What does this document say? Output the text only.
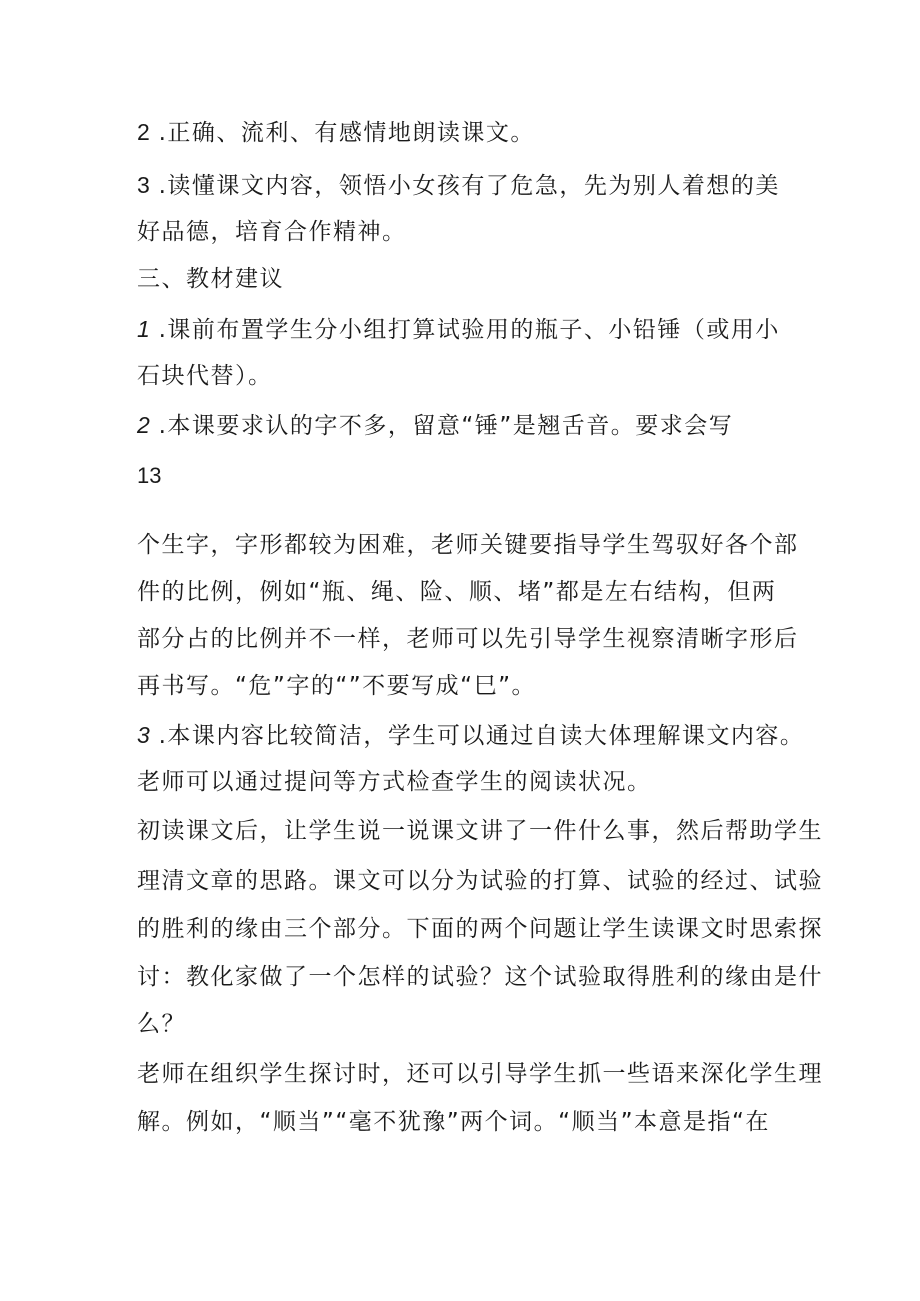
2 .正确、流利、有感情地朗读课文。
3 .读懂课文内容，领悟小女孩有了危急，先为别人着想的美
好品德，培育合作精神。
三、教材建议
1 .课前布置学生分小组打算试验用的瓶子、小铅锤（或用小
石块代替）。
2 .本课要求认的字不多，留意“锤”是翘舌音。要求会写
13
个生字，字形都较为困难，老师关键要指导学生驾驭好各个部
件的比例，例如“瓶、绳、险、顺、堵”都是左右结构，但两
部分占的比例并不一样，老师可以先引导学生视察清晰字形后
再书写。“危”字的“”不要写成“巳”。
3 .本课内容比较简洁，学生可以通过自读大体理解课文内容。
老师可以通过提问等方式检查学生的阅读状况。
初读课文后，让学生说一说课文讲了一件什么事，然后帮助学生
理清文章的思路。课文可以分为试验的打算、试验的经过、试验
的胜利的缘由三个部分。下面的两个问题让学生读课文时思索探
讨：教化家做了一个怎样的试验？这个试验取得胜利的缘由是什
么？
老师在组织学生探讨时，还可以引导学生抓一些语来深化学生理
解。例如，“顺当”“毫不犹豫”两个词。“顺当”本意是指“在
